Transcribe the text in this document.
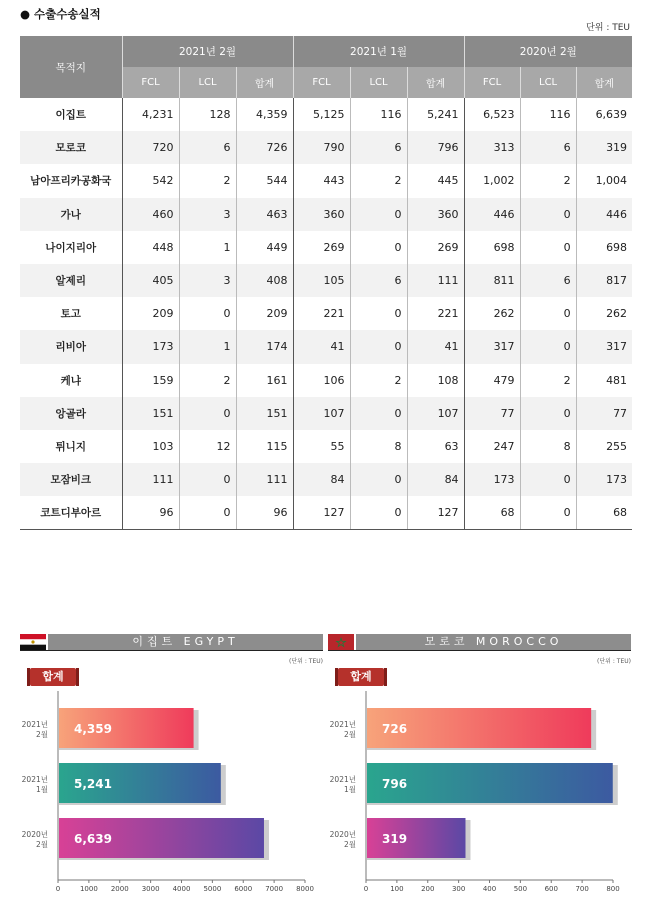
● 수출수송실적
단위 : TEU
목적지	2021년 2월			2021년 1월			2020년 2월		
	FCL	LCL	합계	FCL	LCL	합계	FCL	LCL	합계
이집트	4,231	128	4,359	5,125	116	5,241	6,523	116	6,639
모로코	720	6	726	790	6	796	313	6	319
남아프리카공화국	542	2	544	443	2	445	1,002	2	1,004
가나	460	3	463	360	0	360	446	0	446
나이지리아	448	1	449	269	0	269	698	0	698
알제리	405	3	408	105	6	111	811	6	817
토고	209	0	209	221	0	221	262	0	262
리비아	173	1	174	41	0	41	317	0	317
케냐	159	2	161	106	2	108	479	2	481
앙골라	151	0	151	107	0	107	77	0	77
튀니지	103	12	115	55	8	63	247	8	255
모잠비크	111	0	111	84	0	84	173	0	173
코트디부아르	96	0	96	127	0	127	68	0	68
이집트 EGYPT
(단위 : TEU)
합계
0	1000 2000 3000 4000 5000 6000 7000 8000
4,359
2021년
2월
5,241
2021년
1월
6,639
2020년
2월
모로코 MOROCCO
(단위 : TEU)
합계
0	100	200	300	400	500	600	700	800
726
2021년
2월
796
2021년
1월
319
2020년
2월
